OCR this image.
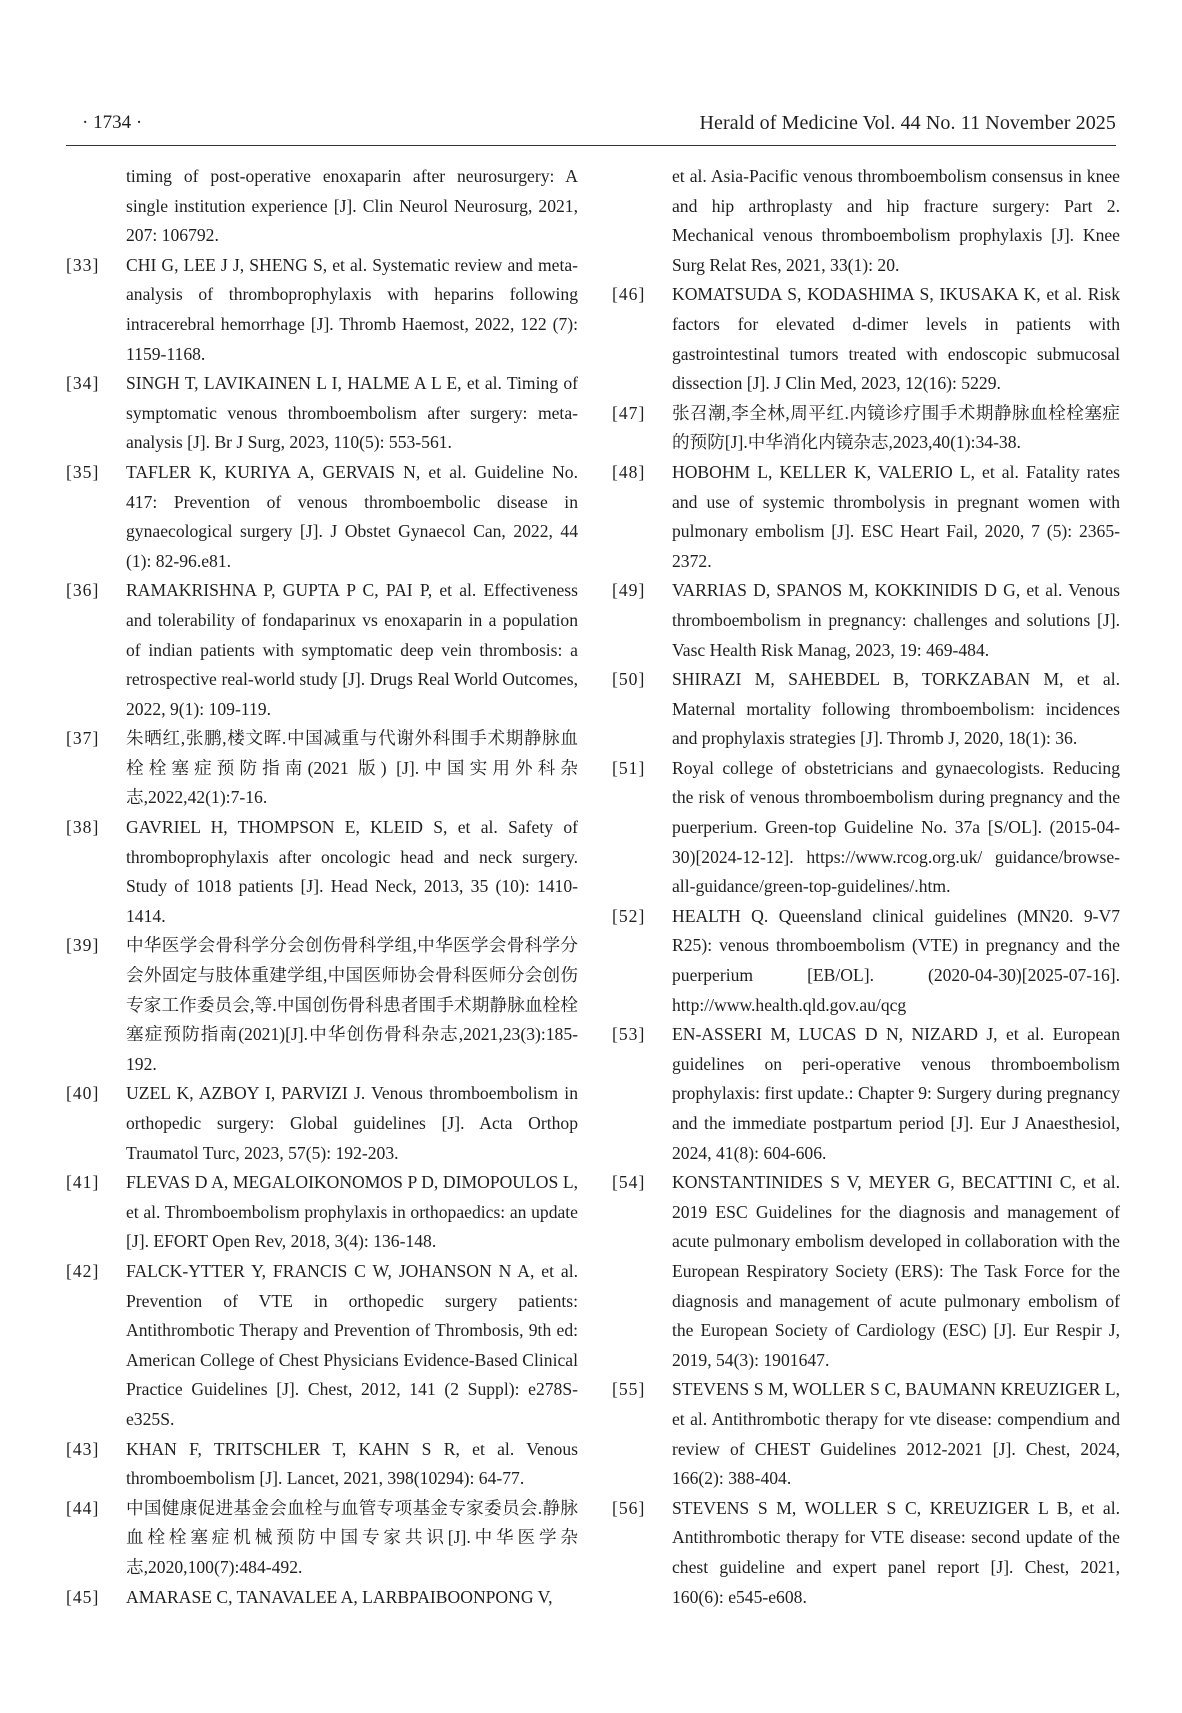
· 1734 ·	Herald of Medicine Vol. 44 No. 11 November 2025

timing of post-operative enoxaparin after neurosurgery: A single institution experience [J]. Clin Neurol Neurosurg, 2021, 207: 106792.

[33] CHI G, LEE J J, SHENG S, et al. Systematic review and meta-analysis of thromboprophylaxis with heparins following intracerebral hemorrhage [J]. Thromb Haemost, 2022, 122 (7): 1159-1168.

[34] SINGH T, LAVIKAINEN L I, HALME A L E, et al. Timing of symptomatic venous thromboembolism after surgery: meta-analysis [J]. Br J Surg, 2023, 110(5): 553-561.

[35] TAFLER K, KURIYA A, GERVAIS N, et al. Guideline No. 417: Prevention of venous thromboembolic disease in gynaecological surgery [J]. J Obstet Gynaecol Can, 2022, 44 (1): 82-96.e81.

[36] RAMAKRISHNA P, GUPTA P C, PAI P, et al. Effectiveness and tolerability of fondaparinux vs enoxaparin in a population of indian patients with symptomatic deep vein thrombosis: a retrospective real-world study [J]. Drugs Real World Outcomes, 2022, 9(1): 109-119.

[37] 朱晒红,张鹏,楼文晖.中国减重与代谢外科围手术期静脉血栓栓塞症预防指南(2021 版) [J].中国实用外科杂志,2022,42(1):7-16.

[38] GAVRIEL H, THOMPSON E, KLEID S, et al. Safety of thromboprophylaxis after oncologic head and neck surgery. Study of 1018 patients [J]. Head Neck, 2013, 35 (10): 1410-1414.

[39] 中华医学会骨科学分会创伤骨科学组,中华医学会骨科学分会外固定与肢体重建学组,中国医师协会骨科医师分会创伤专家工作委员会,等.中国创伤骨科患者围手术期静脉血栓栓塞症预防指南(2021)[J].中华创伤骨科杂志,2021,23(3):185-192.

[40] UZEL K, AZBOY I, PARVIZI J. Venous thromboembolism in orthopedic surgery: Global guidelines [J]. Acta Orthop Traumatol Turc, 2023, 57(5): 192-203.

[41] FLEVAS D A, MEGALOIKONOMOS P D, DIMOPOULOS L, et al. Thromboembolism prophylaxis in orthopaedics: an update [J]. EFORT Open Rev, 2018, 3(4): 136-148.

[42] FALCK-YTTER Y, FRANCIS C W, JOHANSON N A, et al. Prevention of VTE in orthopedic surgery patients: Antithrombotic Therapy and Prevention of Thrombosis, 9th ed: American College of Chest Physicians Evidence-Based Clinical Practice Guidelines [J]. Chest, 2012, 141 (2 Suppl): e278S-e325S.

[43] KHAN F, TRITSCHLER T, KAHN S R, et al. Venous thromboembolism [J]. Lancet, 2021, 398(10294): 64-77.

[44] 中国健康促进基金会血栓与血管专项基金专家委员会.静脉血栓栓塞症机械预防中国专家共识[J].中华医学杂志,2020,100(7):484-492.

[45] AMARASE C, TANAVALEE A, LARBPAIBOONPONG V,

et al. Asia-Pacific venous thromboembolism consensus in knee and hip arthroplasty and hip fracture surgery: Part 2. Mechanical venous thromboembolism prophylaxis [J]. Knee Surg Relat Res, 2021, 33(1): 20.

[46] KOMATSUDA S, KODASHIMA S, IKUSAKA K, et al. Risk factors for elevated d-dimer levels in patients with gastrointestinal tumors treated with endoscopic submucosal dissection [J]. J Clin Med, 2023, 12(16): 5229.

[47] 张召潮,李全林,周平红.内镜诊疗围手术期静脉血栓栓塞症的预防[J].中华消化内镜杂志,2023,40(1):34-38.

[48] HOBOHM L, KELLER K, VALERIO L, et al. Fatality rates and use of systemic thrombolysis in pregnant women with pulmonary embolism [J]. ESC Heart Fail, 2020, 7 (5): 2365-2372.

[49] VARRIAS D, SPANOS M, KOKKINIDIS D G, et al. Venous thromboembolism in pregnancy: challenges and solutions [J]. Vasc Health Risk Manag, 2023, 19: 469-484.

[50] SHIRAZI M, SAHEBDEL B, TORKZABAN M, et al. Maternal mortality following thromboembolism: incidences and prophylaxis strategies [J]. Thromb J, 2020, 18(1): 36.

[51] Royal college of obstetricians and gynaecologists. Reducing the risk of venous thromboembolism during pregnancy and the puerperium. Green-top Guideline No. 37a [S/OL]. (2015-04-30)[2024-12-12]. https://www.rcog.org.uk/ guidance/browse-all-guidance/green-top-guidelines/.htm.

[52] HEALTH Q. Queensland clinical guidelines (MN20. 9-V7 R25): venous thromboembolism (VTE) in pregnancy and the puerperium [EB/OL]. (2020-04-30)[2025-07-16]. http://www.health.qld.gov.au/qcg

[53] EN-ASSERI M, LUCAS D N, NIZARD J, et al. European guidelines on peri-operative venous thromboembolism prophylaxis: first update.: Chapter 9: Surgery during pregnancy and the immediate postpartum period [J]. Eur J Anaesthesiol, 2024, 41(8): 604-606.

[54] KONSTANTINIDES S V, MEYER G, BECATTINI C, et al. 2019 ESC Guidelines for the diagnosis and management of acute pulmonary embolism developed in collaboration with the European Respiratory Society (ERS): The Task Force for the diagnosis and management of acute pulmonary embolism of the European Society of Cardiology (ESC) [J]. Eur Respir J, 2019, 54(3): 1901647.

[55] STEVENS S M, WOLLER S C, BAUMANN KREUZIGER L, et al. Antithrombotic therapy for vte disease: compendium and review of CHEST Guidelines 2012-2021 [J]. Chest, 2024, 166(2): 388-404.

[56] STEVENS S M, WOLLER S C, KREUZIGER L B, et al. Antithrombotic therapy for VTE disease: second update of the chest guideline and expert panel report [J]. Chest, 2021, 160(6): e545-e608.
